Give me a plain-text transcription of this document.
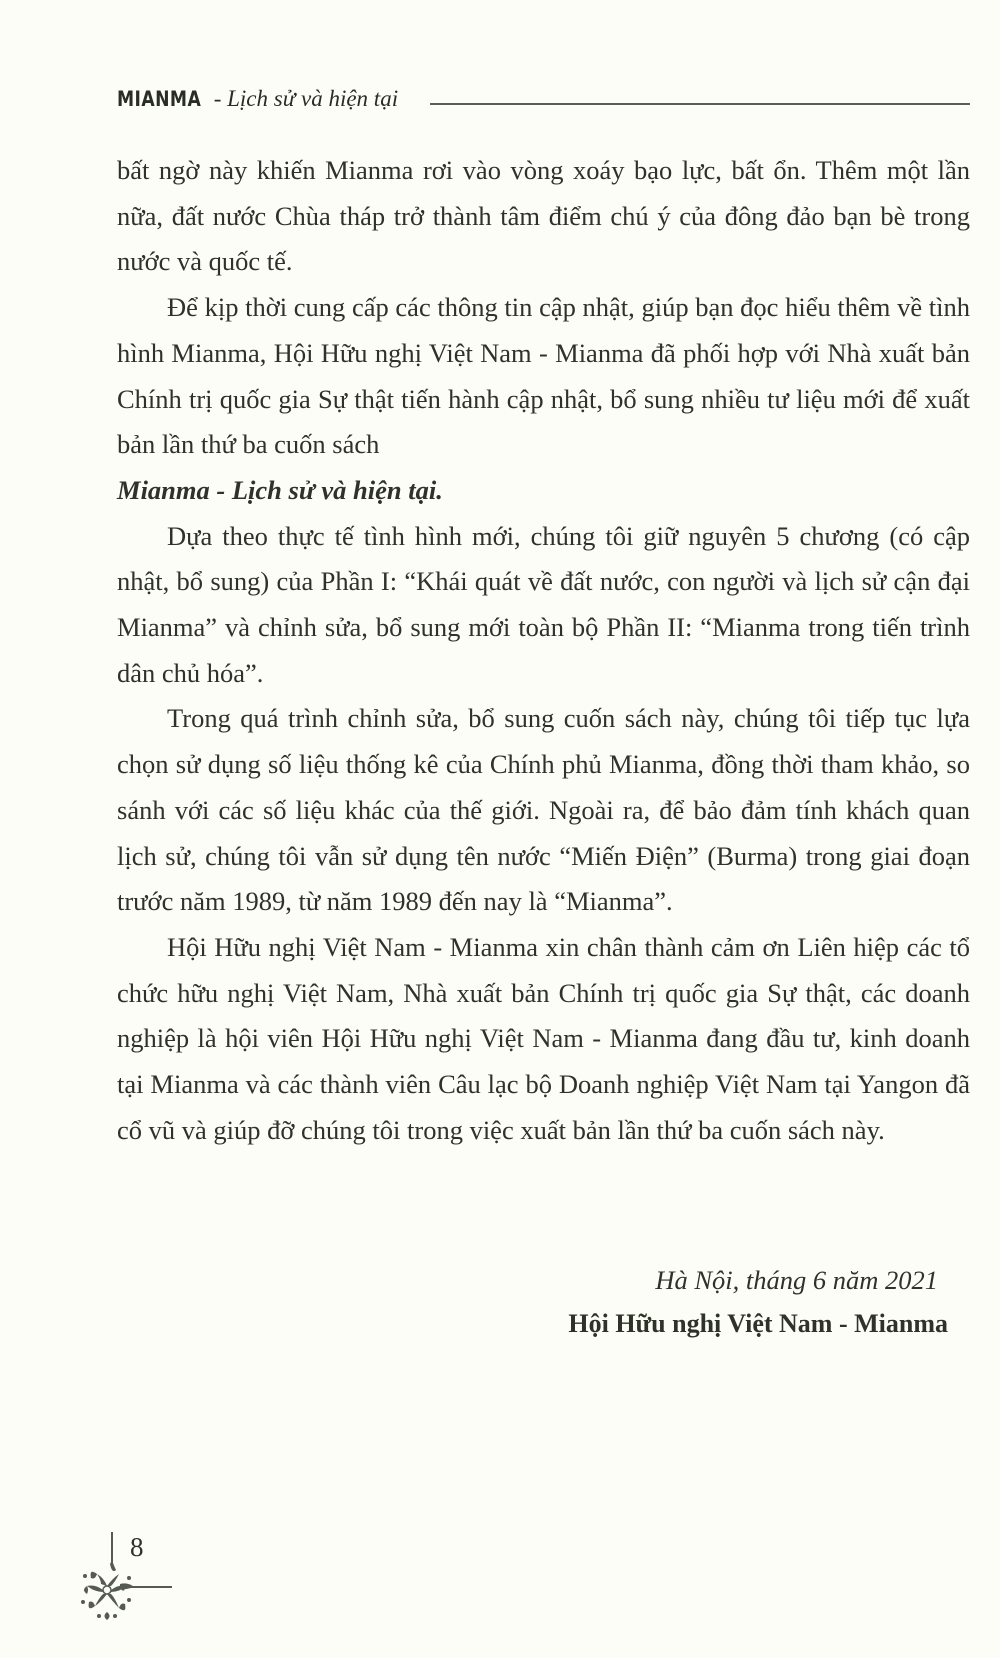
MIANMA - Lịch sử và hiện tại

bất ngờ này khiến Mianma rơi vào vòng xoáy bạo lực, bất ổn. Thêm một lần nữa, đất nước Chùa tháp trở thành tâm điểm chú ý của đông đảo bạn bè trong nước và quốc tế.

Để kịp thời cung cấp các thông tin cập nhật, giúp bạn đọc hiểu thêm về tình hình Mianma, Hội Hữu nghị Việt Nam - Mianma đã phối hợp với Nhà xuất bản Chính trị quốc gia Sự thật tiến hành cập nhật, bổ sung nhiều tư liệu mới để xuất bản lần thứ ba cuốn sách
Mianma - Lịch sử và hiện tại.

Dựa theo thực tế tình hình mới, chúng tôi giữ nguyên 5 chương (có cập nhật, bổ sung) của Phần I: “Khái quát về đất nước, con người và lịch sử cận đại Mianma” và chỉnh sửa, bổ sung mới toàn bộ Phần II: “Mianma trong tiến trình dân chủ hóa”.

Trong quá trình chỉnh sửa, bổ sung cuốn sách này, chúng tôi tiếp tục lựa chọn sử dụng số liệu thống kê của Chính phủ Mianma, đồng thời tham khảo, so sánh với các số liệu khác của thế giới. Ngoài ra, để bảo đảm tính khách quan lịch sử, chúng tôi vẫn sử dụng tên nước “Miến Điện” (Burma) trong giai đoạn trước năm 1989, từ năm 1989 đến nay là “Mianma”.

Hội Hữu nghị Việt Nam - Mianma xin chân thành cảm ơn Liên hiệp các tổ chức hữu nghị Việt Nam, Nhà xuất bản Chính trị quốc gia Sự thật, các doanh nghiệp là hội viên Hội Hữu nghị Việt Nam - Mianma đang đầu tư, kinh doanh tại Mianma và các thành viên Câu lạc bộ Doanh nghiệp Việt Nam tại Yangon đã cổ vũ và giúp đỡ chúng tôi trong việc xuất bản lần thứ ba cuốn sách này.

Hà Nội, tháng 6 năm 2021
Hội Hữu nghị Việt Nam - Mianma
8
